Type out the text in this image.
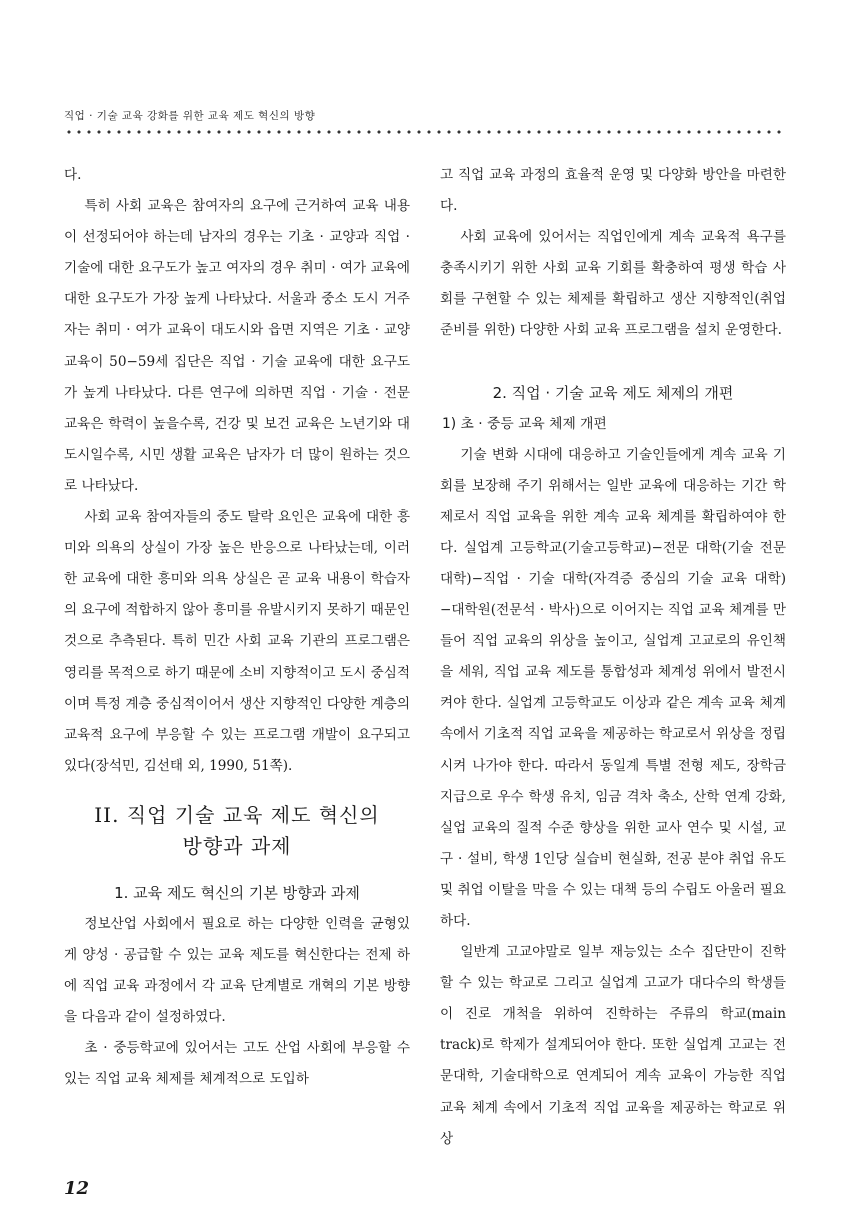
직업 · 기술 교육 강화를 위한 교육 제도 혁신의 방향

다.

특히 사회 교육은 참여자의 요구에 근거하여 교육 내용이 선정되어야 하는데 남자의 경우는 기초 · 교양과 직업 · 기술에 대한 요구도가 높고 여자의 경우 취미 · 여가 교육에 대한 요구도가 가장 높게 나타났다. 서울과 중소 도시 거주자는 취미 · 여가 교육이 대도시와 읍면 지역은 기초 · 교양 교육이 50−59세 집단은 직업 · 기술 교육에 대한 요구도가 높게 나타났다. 다른 연구에 의하면 직업 · 기술 · 전문 교육은 학력이 높을수록, 건강 및 보건 교육은 노년기와 대도시일수록, 시민 생활 교육은 남자가 더 많이 원하는 것으로 나타났다.

사회 교육 참여자들의 중도 탈락 요인은 교육에 대한 흥미와 의욕의 상실이 가장 높은 반응으로 나타났는데, 이러한 교육에 대한 흥미와 의욕 상실은 곧 교육 내용이 학습자의 요구에 적합하지 않아 흥미를 유발시키지 못하기 때문인 것으로 추측된다. 특히 민간 사회 교육 기관의 프로그램은 영리를 목적으로 하기 때문에 소비 지향적이고 도시 중심적이며 특정 계층 중심적이어서 생산 지향적인 다양한 계층의 교육적 요구에 부응할 수 있는 프로그램 개발이 요구되고 있다(장석민, 김선태 외, 1990, 51쪽).

II. 직업 기술 교육 제도 혁신의
방향과 과제
1. 교육 제도 혁신의 기본 방향과 과제

정보산업 사회에서 필요로 하는 다양한 인력을 균형있게 양성 · 공급할 수 있는 교육 제도를 혁신한다는 전제 하에 직업 교육 과정에서 각 교육 단계별로 개혁의 기본 방향을 다음과 같이 설정하였다.

초 · 중등학교에 있어서는 고도 산업 사회에 부응할 수 있는 직업 교육 체제를 체계적으로 도입하

고 직업 교육 과정의 효율적 운영 및 다양화 방안을 마련한다.

사회 교육에 있어서는 직업인에게 계속 교육적 욕구를 충족시키기 위한 사회 교육 기회를 확충하여 평생 학습 사회를 구현할 수 있는 체제를 확립하고 생산 지향적인(취업 준비를 위한) 다양한 사회 교육 프로그램을 설치 운영한다.

2. 직업 · 기술 교육 제도 체제의 개편
1) 초 · 중등 교육 체제 개편

기술 변화 시대에 대응하고 기술인들에게 계속 교육 기회를 보장해 주기 위해서는 일반 교육에 대응하는 기간 학제로서 직업 교육을 위한 계속 교육 체계를 확립하여야 한다. 실업계 고등학교(기술고등학교)−전문 대학(기술 전문 대학)−직업 · 기술 대학(자격증 중심의 기술 교육 대학)−대학원(전문석 · 박사)으로 이어지는 직업 교육 체계를 만들어 직업 교육의 위상을 높이고, 실업계 고교로의 유인책을 세워, 직업 교육 제도를 통합성과 체계성 위에서 발전시켜야 한다. 실업계 고등학교도 이상과 같은 계속 교육 체계 속에서 기초적 직업 교육을 제공하는 학교로서 위상을 정립시켜 나가야 한다. 따라서 동일계 특별 전형 제도, 장학금 지급으로 우수 학생 유치, 임금 격차 축소, 산학 연계 강화, 실업 교육의 질적 수준 향상을 위한 교사 연수 및 시설, 교구 · 설비, 학생 1인당 실습비 현실화, 전공 분야 취업 유도 및 취업 이탈을 막을 수 있는 대책 등의 수립도 아울러 필요하다.

일반계 고교야말로 일부 재능있는 소수 집단만이 진학할 수 있는 학교로 그리고 실업계 고교가 대다수의 학생들이 진로 개척을 위하여 진학하는 주류의 학교(main track)로 학제가 설계되어야 한다. 또한 실업계 고교는 전문대학, 기술대학으로 연계되어 계속 교육이 가능한 직업 교육 체계 속에서 기초적 직업 교육을 제공하는 학교로 위상

12
